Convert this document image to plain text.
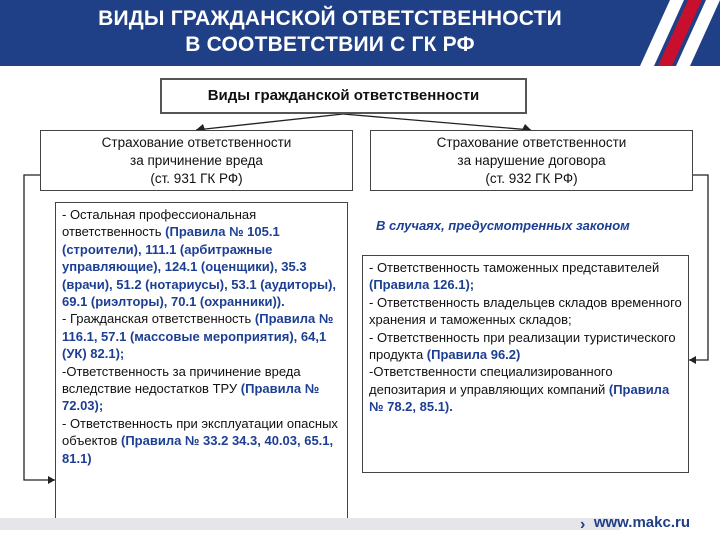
ВИДЫ ГРАЖДАНСКОЙ ОТВЕТСТВЕННОСТИ
В СООТВЕТСТВИИ С ГК РФ
Виды гражданской ответственности
Страхование ответственности
за причинение вреда
(ст. 931 ГК РФ)
Страхование ответственности
за нарушение договора
(ст. 932 ГК РФ)
В случаях, предусмотренных законом
- Остальная профессиональная ответственность (Правила № 105.1 (строители), 111.1 (арбитражные управляющие), 124.1 (оценщики), 35.3 (врачи), 51.2 (нотариусы), 53.1 (аудиторы), 69.1 (риэлторы), 70.1 (охранники)).
- Гражданская ответственность (Правила № 116.1, 57.1 (массовые мероприятия), 64,1 (УК) 82.1);
-Ответственность за причинение вреда вследствие недостатков ТРУ (Правила № 72.03);
- Ответственность при эксплуатации опасных объектов (Правила № 33.2 34.3, 40.03, 65.1, 81.1)
- Ответственность таможенных представителей (Правила 126.1);
- Ответственность владельцев складов временного хранения и таможенных складов;
- Ответственность при реализации туристического продукта (Правила 96.2)
-Ответственности специализированного депозитария и управляющих компаний (Правила № 78.2, 85.1).
› www.makc.ru
